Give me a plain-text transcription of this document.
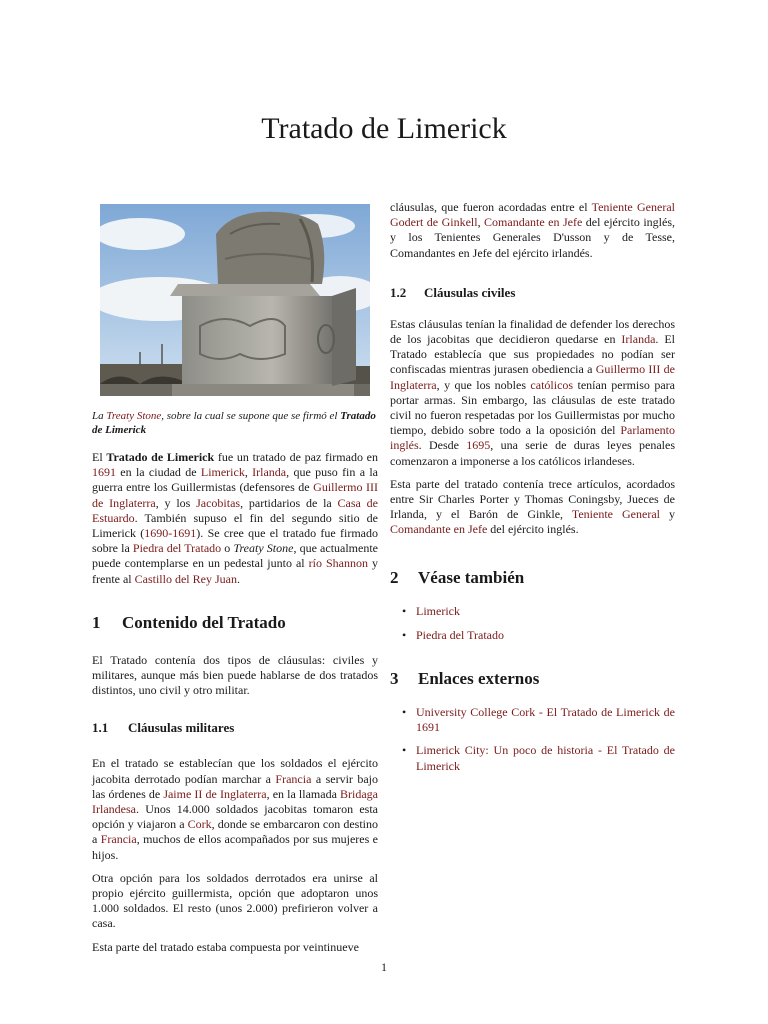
Tratado de Limerick
La Treaty Stone, sobre la cual se supone que se firmó el Tratado de Limerick

El Tratado de Limerick fue un tratado de paz firmado en 1691 en la ciudad de Limerick, Irlanda, que puso fin a la guerra entre los Guillermistas (defensores de Guillermo III de Inglaterra, y los Jacobitas, partidarios de la Casa de Estuardo. También supuso el fin del segundo sitio de Limerick (1690-1691). Se cree que el tratado fue firmado sobre la Piedra del Tratado o Treaty Stone, que actualmente puede contemplarse en un pedestal junto al río Shannon y frente al Castillo del Rey Juan.

1 Contenido del Tratado

El Tratado contenía dos tipos de cláusulas: civiles y militares, aunque más bien puede hablarse de dos tratados distintos, uno civil y otro militar.

1.1 Cláusulas militares

En el tratado se establecían que los soldados el ejército jacobita derrotado podían marchar a Francia a servir bajo las órdenes de Jaime II de Inglaterra, en la llamada Bridaga Irlandesa. Unos 14.000 soldados jacobitas tomaron esta opción y viajaron a Cork, donde se embarcaron con destino a Francia, muchos de ellos acompañados por sus mujeres e hijos.

Otra opción para los soldados derrotados era unirse al propio ejército guillermista, opción que adoptaron unos 1.000 soldados. El resto (unos 2.000) prefirieron volver a casa.

Esta parte del tratado estaba compuesta por veintinueve

cláusulas, que fueron acordadas entre el Teniente General Godert de Ginkell, Comandante en Jefe del ejército inglés, y los Tenientes Generales D'usson y de Tesse, Comandantes en Jefe del ejército irlandés.

1.2 Cláusulas civiles

Estas cláusulas tenían la finalidad de defender los derechos de los jacobitas que decidieron quedarse en Irlanda. El Tratado establecía que sus propiedades no podían ser confiscadas mientras jurasen obediencia a Guillermo III de Inglaterra, y que los nobles católicos tenían permiso para portar armas. Sin embargo, las cláusulas de este tratado civil no fueron respetadas por los Guillermistas por mucho tiempo, debido sobre todo a la oposición del Parlamento inglés. Desde 1695, una serie de duras leyes penales comenzaron a imponerse a los católicos irlandeses.

Esta parte del tratado contenía trece artículos, acordados entre Sir Charles Porter y Thomas Coningsby, Jueces de Irlanda, y el Barón de Ginkle, Teniente General y Comandante en Jefe del ejército inglés.

2 Véase también
• Limerick
• Piedra del Tratado
3 Enlaces externos
• University College Cork - El Tratado de Limerick de 1691
• Limerick City: Un poco de historia - El Tratado de Limerick
1
